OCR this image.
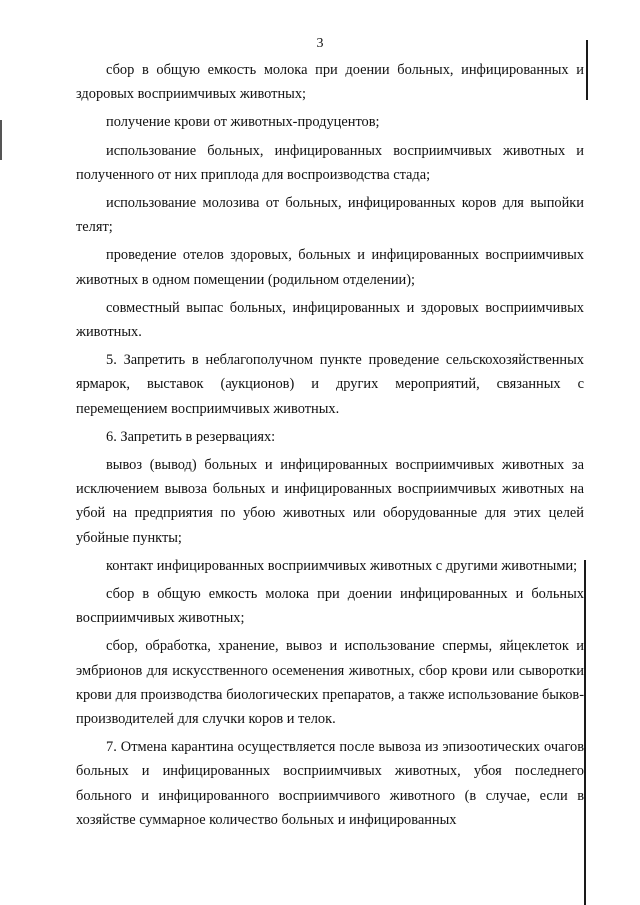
3

сбор в общую емкость молока при доении больных, инфицированных и здоровых восприимчивых животных;

получение крови от животных-продуцентов;

использование больных, инфицированных восприимчивых животных и полученного от них приплода для воспроизводства стада;

использование молозива от больных, инфицированных коров для выпойки телят;

проведение отелов здоровых, больных и инфицированных восприимчивых животных в одном помещении (родильном отделении);

совместный выпас больных, инфицированных и здоровых восприимчивых животных.

5. Запретить в неблагополучном пункте проведение сельскохозяйственных ярмарок, выставок (аукционов) и других мероприятий, связанных с перемещением восприимчивых животных.

6. Запретить в резервациях:

вывоз (вывод) больных и инфицированных восприимчивых животных за исключением вывоза больных и инфицированных восприимчивых животных на убой на предприятия по убою животных или оборудованные для этих целей убойные пункты;

контакт инфицированных восприимчивых животных с другими животными;

сбор в общую емкость молока при доении инфицированных и больных восприимчивых животных;

сбор, обработка, хранение, вывоз и использование спермы, яйцеклеток и эмбрионов для искусственного осеменения животных, сбор крови или сыворотки крови для производства биологических препаратов, а также использование быков-производителей для случки коров и телок.

7. Отмена карантина осуществляется после вывоза из эпизоотических очагов больных и инфицированных восприимчивых животных, убоя последнего больного и инфицированного восприимчивого животного (в случае, если в хозяйстве суммарное количество больных и инфицированных
